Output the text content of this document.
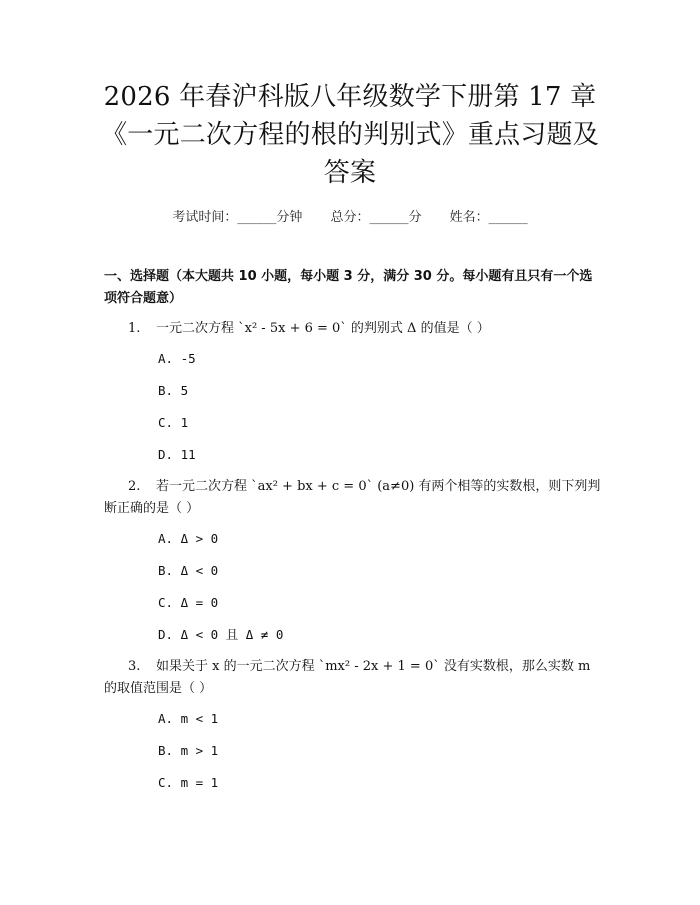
2026 年春沪科版八年级数学下册第 17 章
《一元二次方程的根的判别式》重点习题及
答案
考试时间：______分钟 总分：______分 姓名：______
一、选择题（本大题共 10 小题，每小题 3 分，满分 30 分。每小题有且只有一个选项符合题意）
1. 一元二次方程 `x² - 5x + 6 = 0` 的判别式 Δ 的值是（ ）
A. -5
B. 5
C. 1
D. 11
2. 若一元二次方程 `ax² + bx + c = 0` (a≠0) 有两个相等的实数根，则下列判断正确的是（ ）
A. Δ > 0
B. Δ < 0
C. Δ = 0
D. Δ < 0 且 Δ ≠ 0
3. 如果关于 x 的一元二次方程 `mx² - 2x + 1 = 0` 没有实数根，那么实数 m 的取值范围是（ ）
A. m < 1
B. m > 1
C. m = 1
